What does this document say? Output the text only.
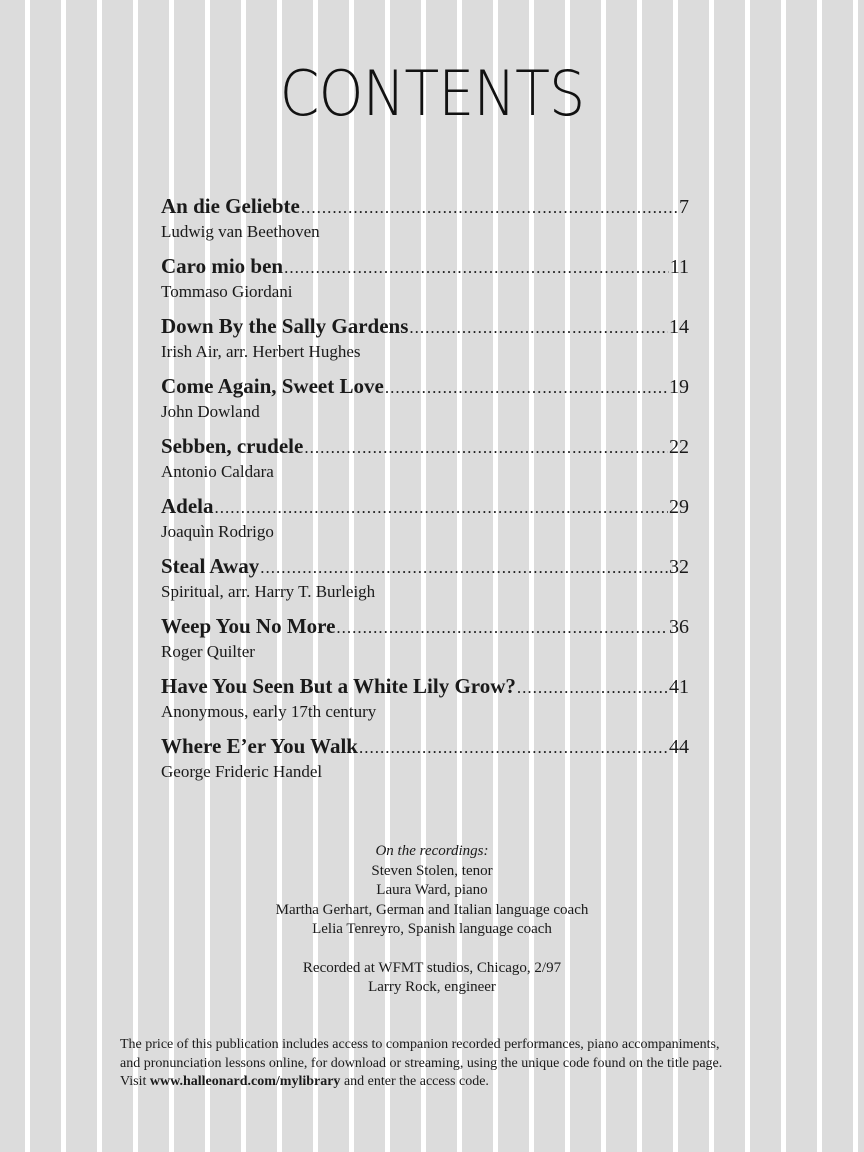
CONTENTS
An die Geliebte .....	7
Ludwig van Beethoven
Caro mio ben .....	11
Tommaso Giordani
Down By the Sally Gardens .....	14
Irish Air, arr. Herbert Hughes
Come Again, Sweet Love .....	19
John Dowland
Sebben, crudele .....	22
Antonio Caldara
Adela .....	29
Joaquìn Rodrigo
Steal Away .....	32
Spiritual, arr. Harry T. Burleigh
Weep You No More .....	36
Roger Quilter
Have You Seen But a White Lily Grow? .....	41
Anonymous, early 17th century
Where E’er You Walk .....	44
George Frideric Handel
On the recordings:
Steven Stolen, tenor
Laura Ward, piano
Martha Gerhart, German and Italian language coach
Lelia Tenreyro, Spanish language coach
Recorded at WFMT studios, Chicago, 2/97
Larry Rock, engineer
The price of this publication includes access to companion recorded performances, piano accompaniments,
and pronunciation lessons online, for download or streaming, using the unique code found on the title page.
Visit www.halleonard.com/mylibrary and enter the access code.
